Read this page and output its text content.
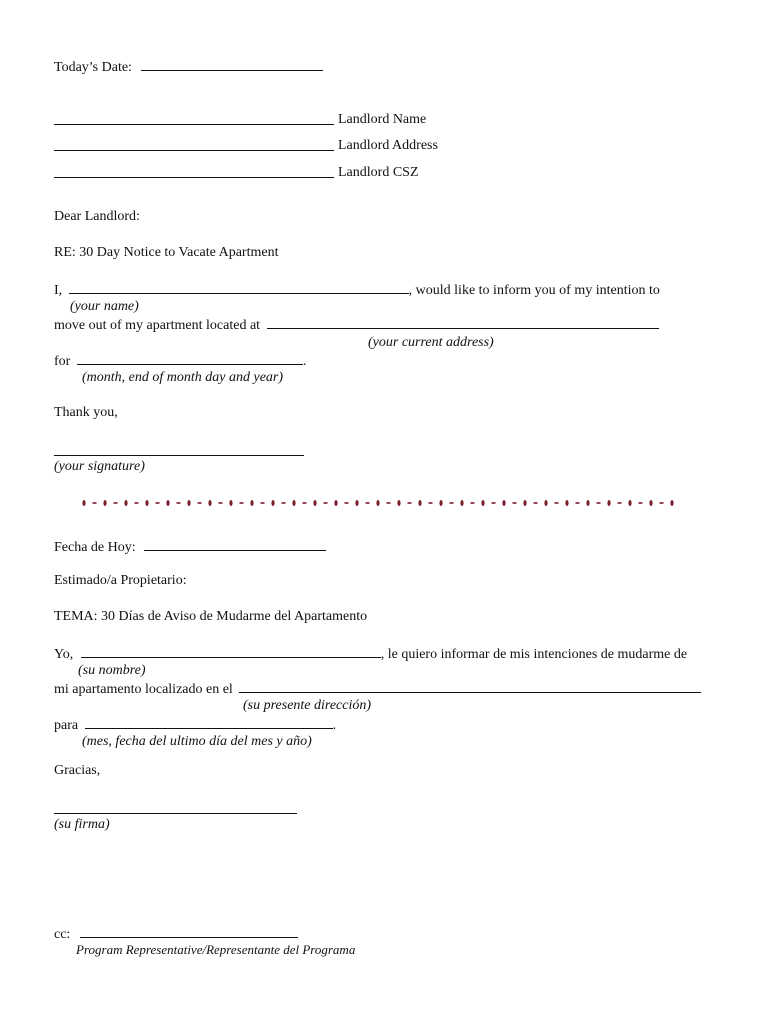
Today’s Date:
Landlord Name
Landlord Address
Landlord CSZ
Dear Landlord:
RE: 30 Day Notice to Vacate Apartment
I,	, would like to inform you of my intention to
(your name)
move out of my apartment located at
(your current address)
for	.
(month, end of month day and year)
Thank you,
(your signature)
Fecha de Hoy:
Estimado/a Propietario:
TEMA: 30 Días de Aviso de Mudarme del Apartamento
Yo,	, le quiero informar de mis intenciones de mudarme de
(su nombre)
mi apartamento localizado en el
(su presente dirección)
para	.
(mes, fecha del ultimo día del mes y año)
Gracias,
(su firma)
cc:
Program Representative/Representante del Programa
